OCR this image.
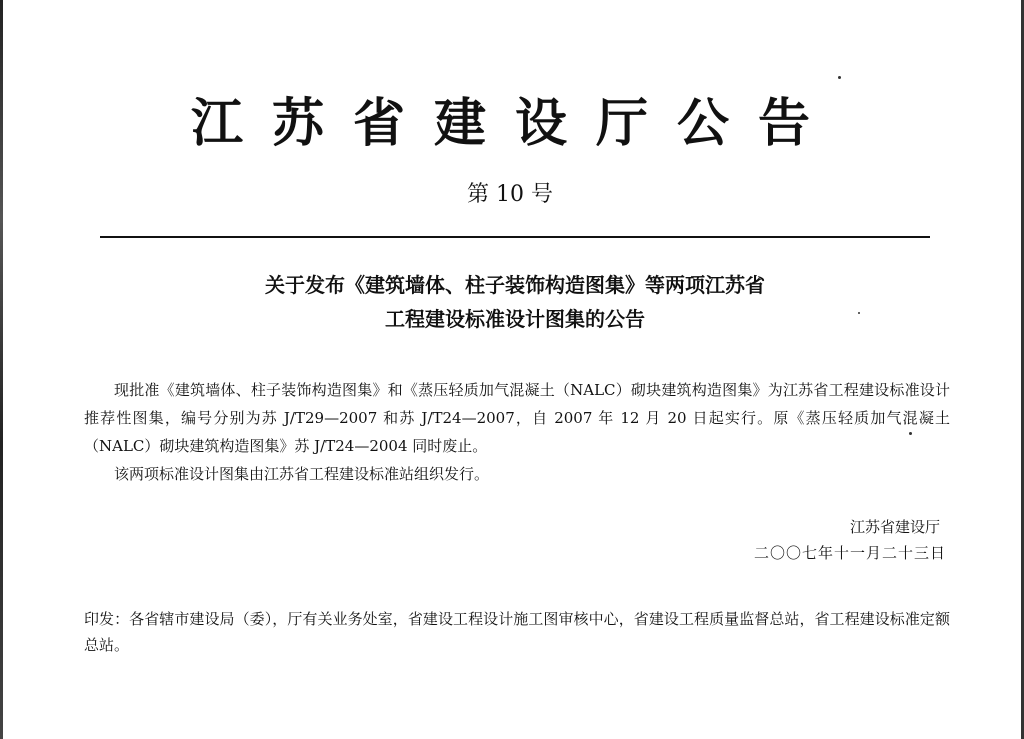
江苏省建设厅公告
第 10 号
关于发布《建筑墙体、柱子装饰构造图集》等两项江苏省
工程建设标准设计图集的公告
现批准《建筑墙体、柱子装饰构造图集》和《蒸压轻质加气混凝土（NALC）砌块建筑构造图集》为江苏省工程建设标准设计推荐性图集，编号分别为苏 J/T29—2007 和苏 J/T24—2007，自 2007 年 12 月 20 日起实行。原《蒸压轻质加气混凝土（NALC）砌块建筑构造图集》苏 J/T24—2004 同时废止。
该两项标准设计图集由江苏省工程建设标准站组织发行。
江苏省建设厅
二〇〇七年十一月二十三日
印发：各省辖市建设局（委），厅有关业务处室，省建设工程设计施工图审核中心，省建设工程质量监督总站，省工程建设标准定额总站。
